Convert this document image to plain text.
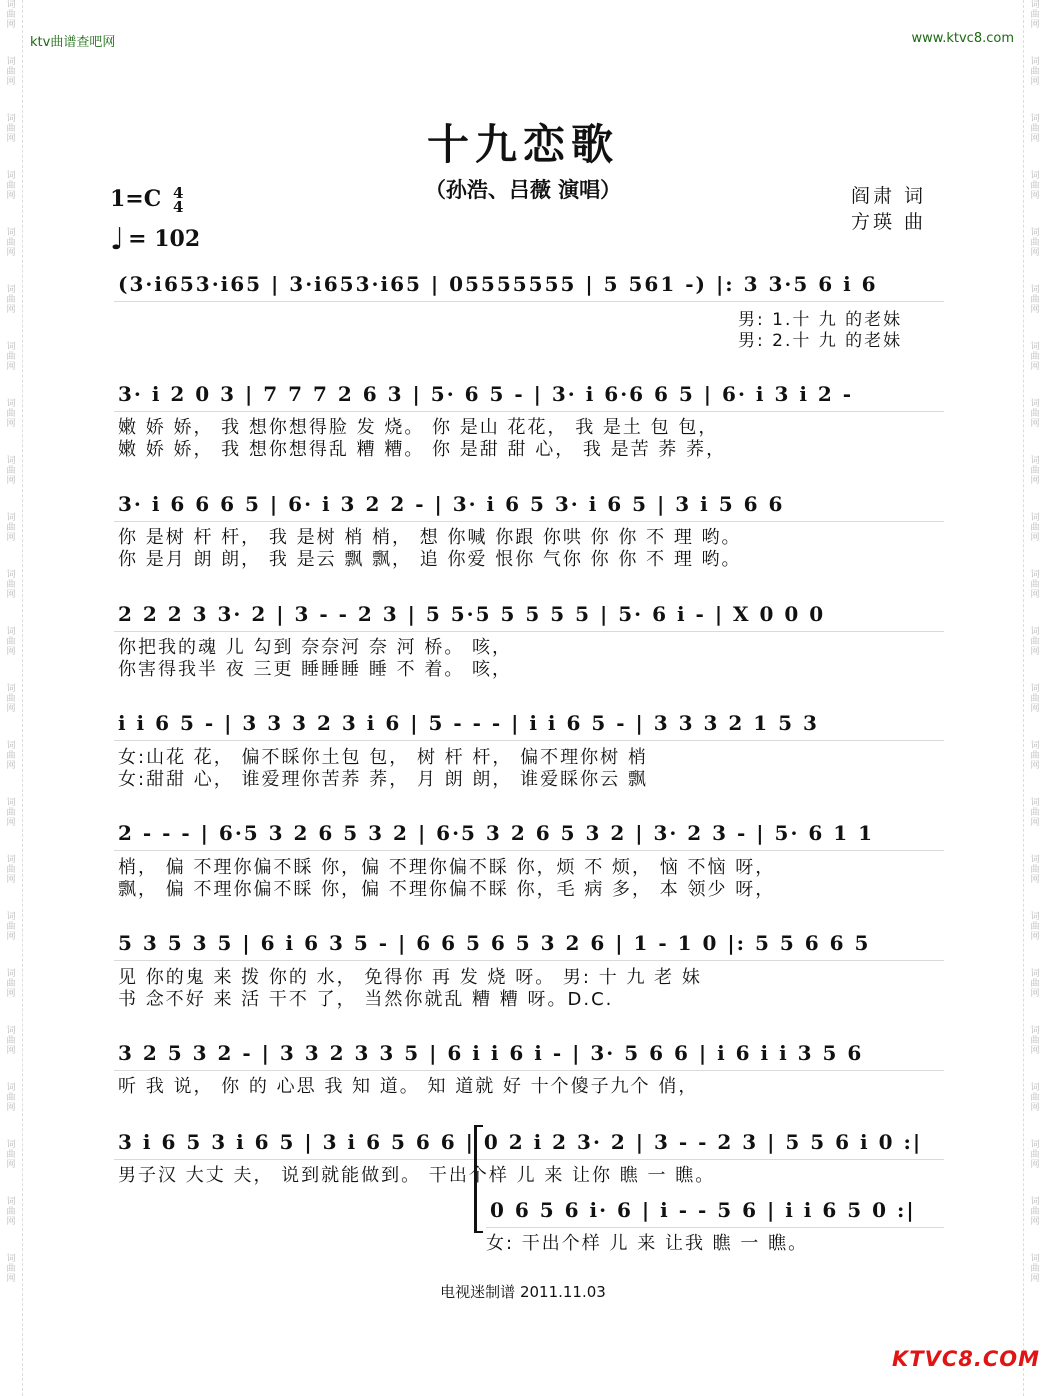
词
曲
网
词
曲
网
词
曲
网
词
曲
网
词
曲
网
词
曲
网
词
曲
网
词
曲
网
词
曲
网
词
曲
网
词
曲
网
词
曲
网
词
曲
网
词
曲
网
词
曲
网
词
曲
网
词
曲
网
词
曲
网
词
曲
网
词
曲
网
词
曲
网
词
曲
网
词
曲
网
词
曲
网
词
曲
网
词
曲
网
词
曲
网
词
曲
网
词
曲
网
词
曲
网
词
曲
网
词
曲
网
词
曲
网
词
曲
网
词
曲
网
词
曲
网
词
曲
网
词
曲
网
词
曲
网
词
曲
网
词
曲
网
词
曲
网
词
曲
网
词
曲
网
词
曲
网
词
曲
网
ktv曲谱查吧网	www.ktvc8.com
十九恋歌
（孙浩、吕薇 演唱）	阎肃 词
方瑛 曲
1=C 4
4
♩ = 102
(3·i653·i65 | 3·i653·i65 | 05555555 | 5 561 -) |: 3 3·5 6 i 6
男: 1.十 九 的老妹
男: 2.十 九 的老妹
3· i 2 0 3 | 7 7 7 2 6 3 | 5· 6 5 - | 3· i 6·6 6 5 | 6· i 3 i 2 -
嫩 娇 娇， 我 想你想得脸 发 烧。 你 是山 花花， 我 是土 包 包，
嫩 娇 娇， 我 想你想得乱 糟 糟。 你 是甜 甜 心， 我 是苦 荞 荞，
3· i 6 6 6 5 | 6· i 3 2 2 - | 3· i 6 5 3· i 6 5 | 3 i 5 6 6
你 是树 杆 杆， 我 是树 梢 梢， 想 你喊 你跟 你哄 你 你 不 理 哟。
你 是月 朗 朗， 我 是云 飘 飘， 追 你爱 恨你 气你 你 你 不 理 哟。
2 2 2 3 3· 2 | 3 - - 2 3 | 5 5·5 5 5 5 5 | 5· 6 i - | X 0 0 0
你把我的魂 儿 勾到 奈奈河 奈 河 桥。 咳，
你害得我半 夜 三更 睡睡睡 睡 不 着。 咳，
i i 6 5 - | 3 3 3 2 3 i 6 | 5 - - - | i i 6 5 - | 3 3 3 2 1 5 3
女:山花 花， 偏不睬你土包 包， 树 杆 杆， 偏不理你树 梢
女:甜甜 心， 谁爱理你苦荞 荞， 月 朗 朗， 谁爱睬你云 飘
2 - - - | 6·5 3 2 6 5 3 2 | 6·5 3 2 6 5 3 2 | 3· 2 3 - | 5· 6 1 1
梢， 偏 不理你偏不睬 你，偏 不理你偏不睬 你，烦 不 烦， 恼 不恼 呀，
飘， 偏 不理你偏不睬 你，偏 不理你偏不睬 你，毛 病 多， 本 领少 呀，
5 3 5 3 5 | 6 i 6 3 5 - | 6 6 5 6 5 3 2 6 | 1 - 1 0 |: 5 5 6 6 5
见 你的鬼 来 拨 你的 水， 免得你 再 发 烧 呀。 男: 十 九 老 妹
书 念不好 来 活 干不 了， 当然你就乱 糟 糟 呀。D.C.
3 2 5 3 2 - | 3 3 2 3 3 5 | 6 i i 6 i - | 3· 5 6 6 | i 6 i i 3 5 6
听 我 说， 你 的 心思 我 知 道。 知 道就 好 十个傻子九个 俏，
3 i 6 5 3 i 6 5 | 3 i 6 5 6 6 | 0 2 i 2 3· 2 | 3 - - 2 3 | 5 5 6 i 0 :|
男子汉 大丈 夫， 说到就能做到。 干出个样 儿 来 让你 瞧 一 瞧。
0 6 5 6 i· 6 | i - - 5 6 | i i 6 5 0 :|
女: 干出个样 儿 来 让我 瞧 一 瞧。
电视迷制谱 2011.11.03
KTVC8.COM
